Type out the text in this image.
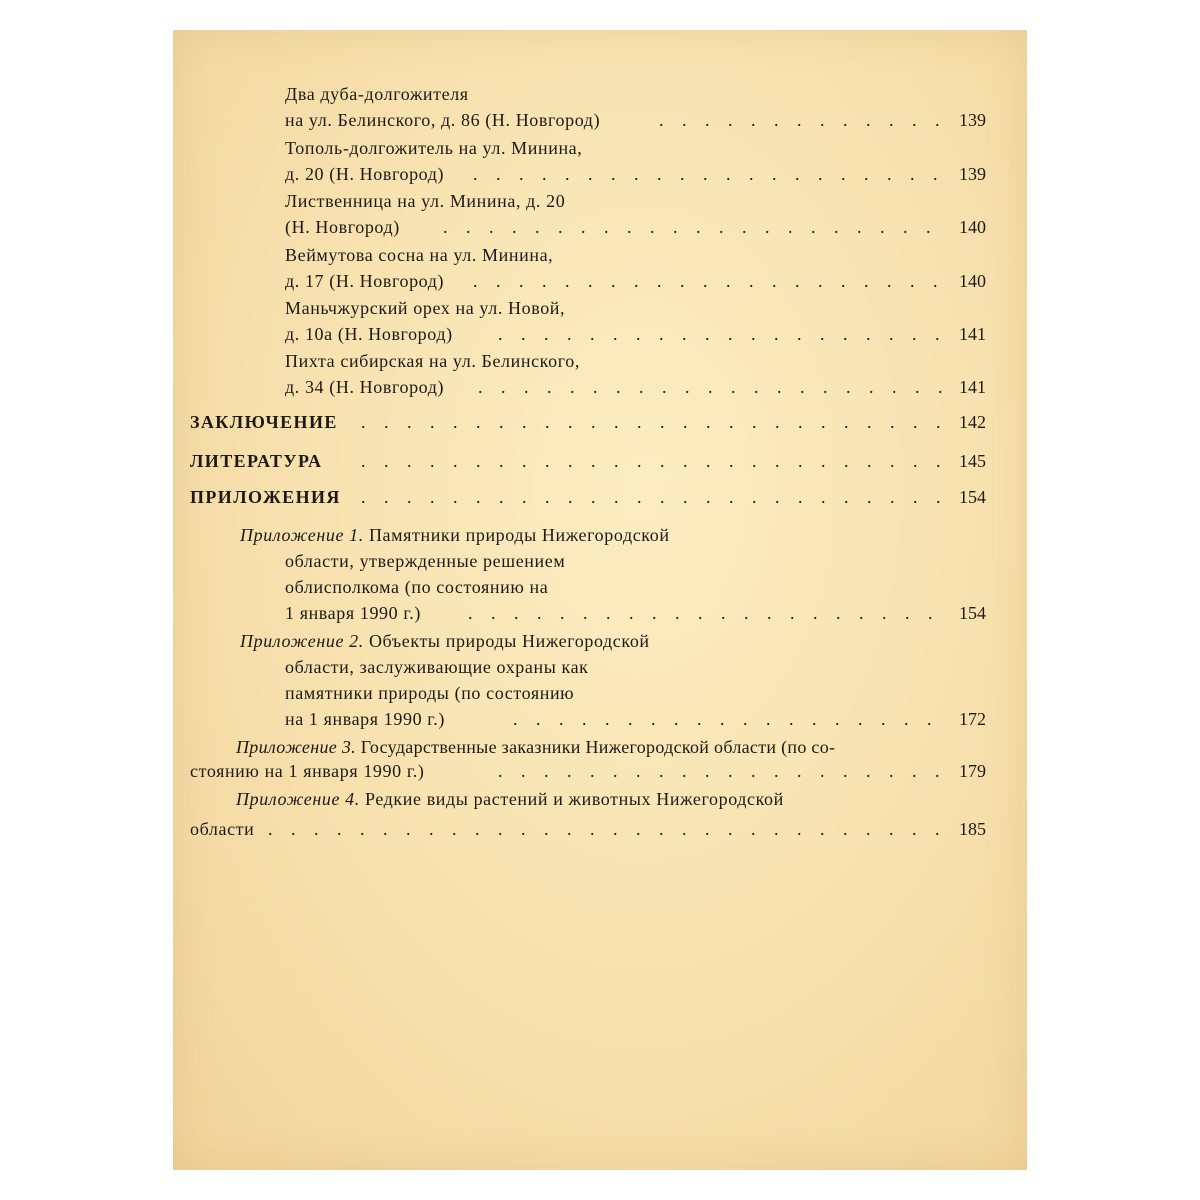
Два дуба-долгожителя
на ул. Белинского, д. 86 (Н. Новгород) . . .	139
Тополь-долгожитель на ул. Минина,
д. 20 (Н. Новгород) . . .	139
Лиственница на ул. Минина, д. 20
(Н. Новгород) . . .	140
Веймутова сосна на ул. Минина,
д. 17 (Н. Новгород) . . .	140
Маньчжурский орех на ул. Новой,
д. 10а (Н. Новгород) . . .	141
Пихта сибирская на ул. Белинского,
д. 34 (Н. Новгород) . . .	141
ЗАКЛЮЧЕНИЕ . . .	142
ЛИТЕРАТУРА . . .	145
ПРИЛОЖЕНИЯ . . .	154
Приложение 1. Памятники природы Нижегородской
области, утвержденные решением
облисполкома (по состоянию на
1 января 1990 г.) . . .	154
Приложение 2. Объекты природы Нижегородской
области, заслуживающие охраны как
памятники природы (по состоянию
на 1 января 1990 г.) . . .	172
Приложение 3. Государственные заказники Нижегородской области (по со-
стоянию на 1 января 1990 г.) . . .	179
Приложение 4. Редкие виды растений и животных Нижегородской
области . . .	185
